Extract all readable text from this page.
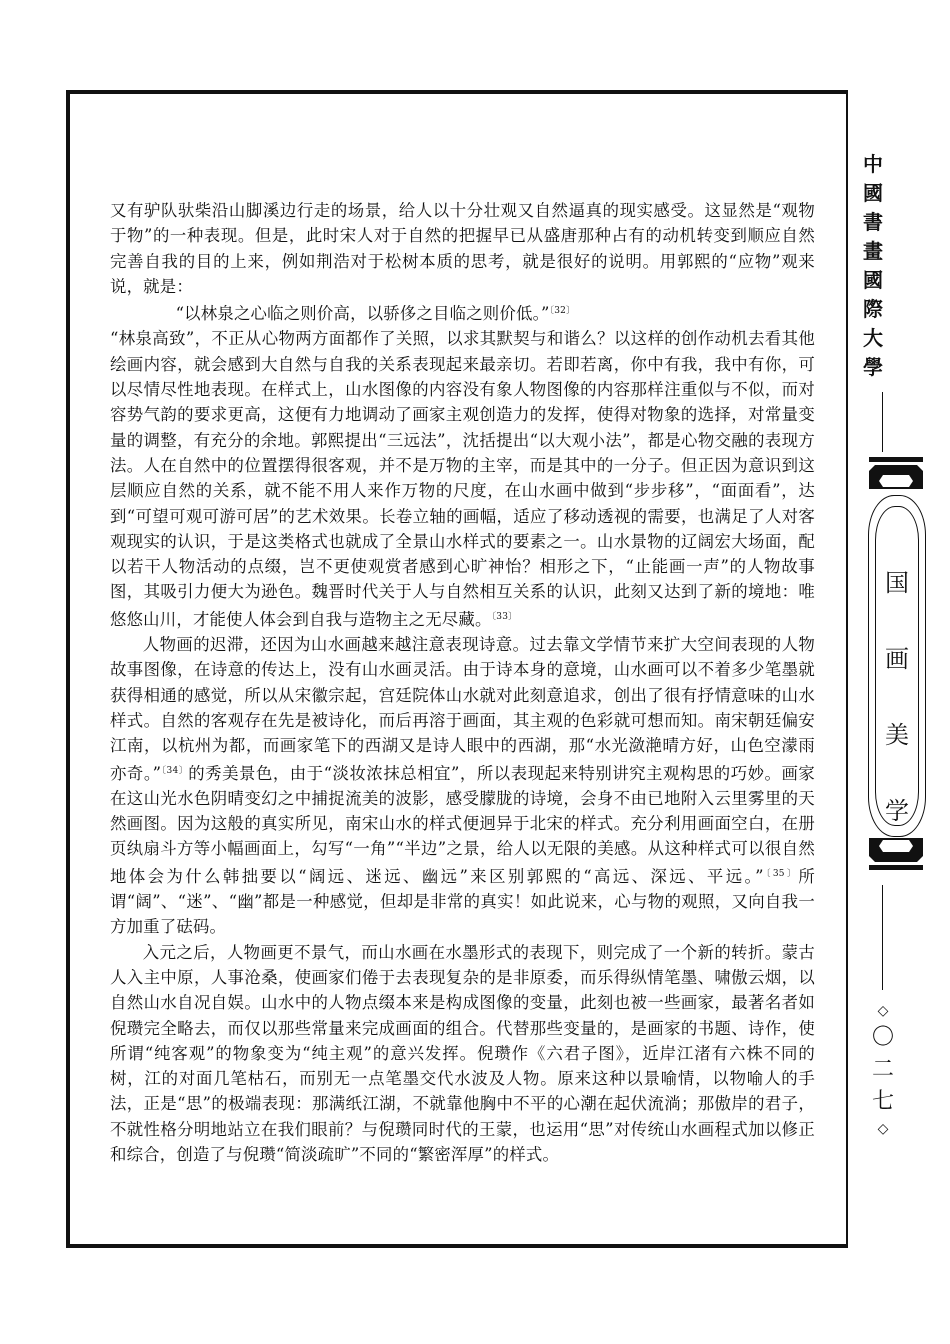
又有驴队驮柴沿山脚溪边行走的场景，给人以十分壮观又自然逼真的现实感受。这显然是“观物于物”的一种表现。但是，此时宋人对于自然的把握早已从盛唐那种占有的动机转变到顺应自然完善自我的目的上来，例如荆浩对于松树本质的思考，就是很好的说明。用郭熙的“应物”观来说，就是：

“以林泉之心临之则价高，以骄侈之目临之则价低。”$^{〔32〕}$

“林泉高致”，不正从心物两方面都作了关照，以求其默契与和谐么？以这样的创作动机去看其他绘画内容，就会感到大自然与自我的关系表现起来最亲切。若即若离，你中有我，我中有你，可以尽情尽性地表现。在样式上，山水图像的内容没有象人物图像的内容那样注重似与不似，而对容势气韵的要求更高，这便有力地调动了画家主观创造力的发挥，使得对物象的选择，对常量变量的调整，有充分的余地。郭熙提出“三远法”，沈括提出“以大观小法”，都是心物交融的表现方法。人在自然中的位置摆得很客观，并不是万物的主宰，而是其中的一分子。但正因为意识到这层顺应自然的关系，就不能不用人来作万物的尺度，在山水画中做到“步步移”，“面面看”，达到“可望可观可游可居”的艺术效果。长卷立轴的画幅，适应了移动透视的需要，也满足了人对客观现实的认识，于是这类格式也就成了全景山水样式的要素之一。山水景物的辽阔宏大场面，配以若干人物活动的点缀，岂不更使观赏者感到心旷神怡？相形之下，“止能画一声”的人物故事图，其吸引力便大为逊色。魏晋时代关于人与自然相互关系的认识，此刻又达到了新的境地：唯悠悠山川，才能使人体会到自我与造物主之无尽藏。$^{〔33〕}$

人物画的迟滞，还因为山水画越来越注意表现诗意。过去靠文学情节来扩大空间表现的人物故事图像，在诗意的传达上，没有山水画灵活。由于诗本身的意境，山水画可以不着多少笔墨就获得相通的感觉，所以从宋徽宗起，宫廷院体山水就对此刻意追求，创出了很有抒情意味的山水样式。自然的客观存在先是被诗化，而后再溶于画面，其主观的色彩就可想而知。南宋朝廷偏安江南，以杭州为都，而画家笔下的西湖又是诗人眼中的西湖，那“水光潋滟晴方好，山色空濛雨亦奇。”$^{〔34〕}$的秀美景色，由于“淡妆浓抹总相宜”，所以表现起来特别讲究主观构思的巧妙。画家在这山光水色阴晴变幻之中捕捉流美的波影，感受朦胧的诗境，会身不由已地附入云里雾里的天然画图。因为这般的真实所见，南宋山水的样式便迥异于北宋的样式。充分利用画面空白，在册页纨扇斗方等小幅画面上，勾写“一角”“半边”之景，给人以无限的美感。从这种样式可以很自然地体会为什么韩拙要以“阔远、迷远、幽远”来区别郭熙的“高远、深远、平远。”$^{〔35〕}$所谓“阔”、“迷”、“幽”都是一种感觉，但却是非常的真实！如此说来，心与物的观照，又向自我一方加重了砝码。

入元之后，人物画更不景气，而山水画在水墨形式的表现下，则完成了一个新的转折。蒙古人入主中原，人事沧桑，使画家们倦于去表现复杂的是非原委，而乐得纵情笔墨、啸傲云烟，以自然山水自况自娱。山水中的人物点缀本来是构成图像的变量，此刻也被一些画家，最著名者如倪瓒完全略去，而仅以那些常量来完成画面的组合。代替那些变量的，是画家的书题、诗作，使所谓“纯客观”的物象变为“纯主观”的意兴发挥。倪瓒作《六君子图》，近岸江渚有六株不同的树，江的对面几笔枯石，而别无一点笔墨交代水波及人物。原来这种以景喻情，以物喻人的手法，正是“思”的极端表现：那满纸江湖，不就靠他胸中不平的心潮在起伏流淌；那傲岸的君子，不就性格分明地站立在我们眼前？与倪瓒同时代的王蒙，也运用“思”对传统山水画程式加以修正和综合，创造了与倪瓒“简淡疏旷”不同的“繁密浑厚”的样式。

中
國
書
畫
國
際
大
學
国
画
美
学
◇
〇
二
七
◇
